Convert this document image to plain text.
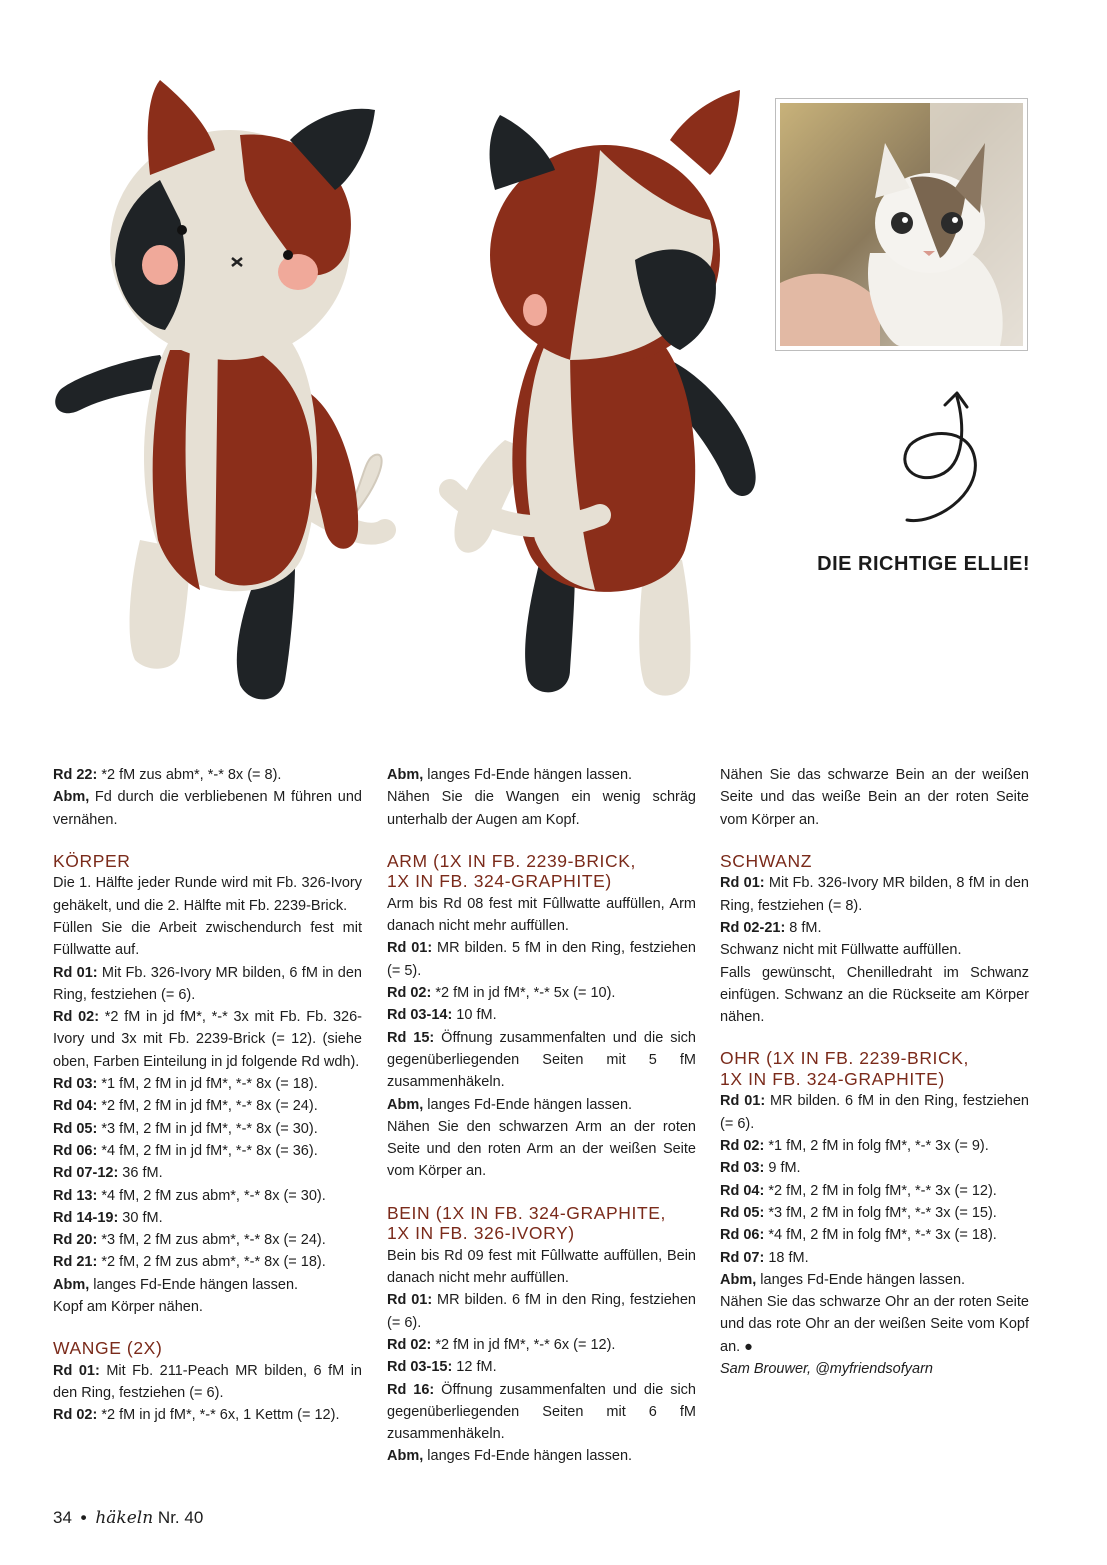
DIE RICHTIGE ELLIE!

Rd 22: *2 fM zus abm*, *-* 8x (= 8).

Abm, Fd durch die verbliebenen M führen und vernähen.

KÖRPER

Die 1. Hälfte jeder Runde wird mit Fb. 326-Ivory gehäkelt, und die 2. Hälfte mit Fb. 2239-Brick.

Füllen Sie die Arbeit zwischendurch fest mit Füllwatte auf.

Rd 01: Mit Fb. 326-Ivory MR bilden, 6 fM in den Ring, festziehen (= 6).

Rd 02: *2 fM in jd fM*, *-* 3x mit Fb. Fb. 326-Ivory und 3x mit Fb. 2239-Brick (= 12). (siehe oben, Farben Einteilung in jd folgende Rd wdh).

Rd 03: *1 fM, 2 fM in jd fM*, *-* 8x (= 18).

Rd 04: *2 fM, 2 fM in jd fM*, *-* 8x (= 24).

Rd 05: *3 fM, 2 fM in jd fM*, *-* 8x (= 30).

Rd 06: *4 fM, 2 fM in jd fM*, *-* 8x (= 36).

Rd 07-12: 36 fM.

Rd 13: *4 fM, 2 fM zus abm*, *-* 8x (= 30).

Rd 14-19: 30 fM.

Rd 20: *3 fM, 2 fM zus abm*, *-* 8x (= 24).

Rd 21: *2 fM, 2 fM zus abm*, *-* 8x (= 18).

Abm, langes Fd-Ende hängen lassen.

Kopf am Körper nähen.

WANGE (2X)

Rd 01: Mit Fb. 211-Peach MR bilden, 6 fM in den Ring, festziehen (= 6).

Rd 02: *2 fM in jd fM*, *-* 6x, 1 Kettm (= 12).

Abm, langes Fd-Ende hängen lassen.

Nähen Sie die Wangen ein wenig schräg unterhalb der Augen am Kopf.

ARM (1X IN FB. 2239-BRICK,
1X IN FB. 324-GRAPHITE)

Arm bis Rd 08 fest mit Fûllwatte auffüllen, Arm danach nicht mehr auffüllen.

Rd 01: MR bilden. 5 fM in den Ring, festziehen (= 5).

Rd 02: *2 fM in jd fM*, *-* 5x (= 10).

Rd 03-14: 10 fM.

Rd 15: Öffnung zusammenfalten und die sich gegenüberliegenden Seiten mit 5 fM zusammenhäkeln.

Abm, langes Fd-Ende hängen lassen.

Nähen Sie den schwarzen Arm an der roten Seite und den roten Arm an der weißen Seite vom Körper an.

BEIN (1X IN FB. 324-GRAPHITE,
1X IN FB. 326-IVORY)

Bein bis Rd 09 fest mit Fûllwatte auffüllen, Bein danach nicht mehr auffüllen.

Rd 01: MR bilden. 6 fM in den Ring, festziehen (= 6).

Rd 02: *2 fM in jd fM*, *-* 6x (= 12).

Rd 03-15: 12 fM.

Rd 16: Öffnung zusammenfalten und die sich gegenüberliegenden Seiten mit 6 fM zusammenhäkeln.

Abm, langes Fd-Ende hängen lassen.

Nähen Sie das schwarze Bein an der weißen Seite und das weiße Bein an der roten Seite vom Körper an.

SCHWANZ

Rd 01: Mit Fb. 326-Ivory MR bilden, 8 fM in den Ring, festziehen (= 8).

Rd 02-21: 8 fM.

Schwanz nicht mit Füllwatte auffüllen.

Falls gewünscht, Chenilledraht im Schwanz einfügen. Schwanz an die Rückseite am Körper nähen.

OHR (1X IN FB. 2239-BRICK,
1X IN FB. 324-GRAPHITE)

Rd 01: MR bilden. 6 fM in den Ring, festziehen (= 6).

Rd 02: *1 fM, 2 fM in folg fM*, *-* 3x (= 9).

Rd 03: 9 fM.

Rd 04: *2 fM, 2 fM in folg fM*, *-* 3x (= 12).

Rd 05: *3 fM, 2 fM in folg fM*, *-* 3x (= 15).

Rd 06: *4 fM, 2 fM in folg fM*, *-* 3x (= 18).

Rd 07: 18 fM.

Abm, langes Fd-Ende hängen lassen.

Nähen Sie das schwarze Ohr an der roten Seite und das rote Ohr an der weißen Seite vom Kopf an. ●

Sam Brouwer, @myfriendsofyarn

34 • häkeln Nr. 40
